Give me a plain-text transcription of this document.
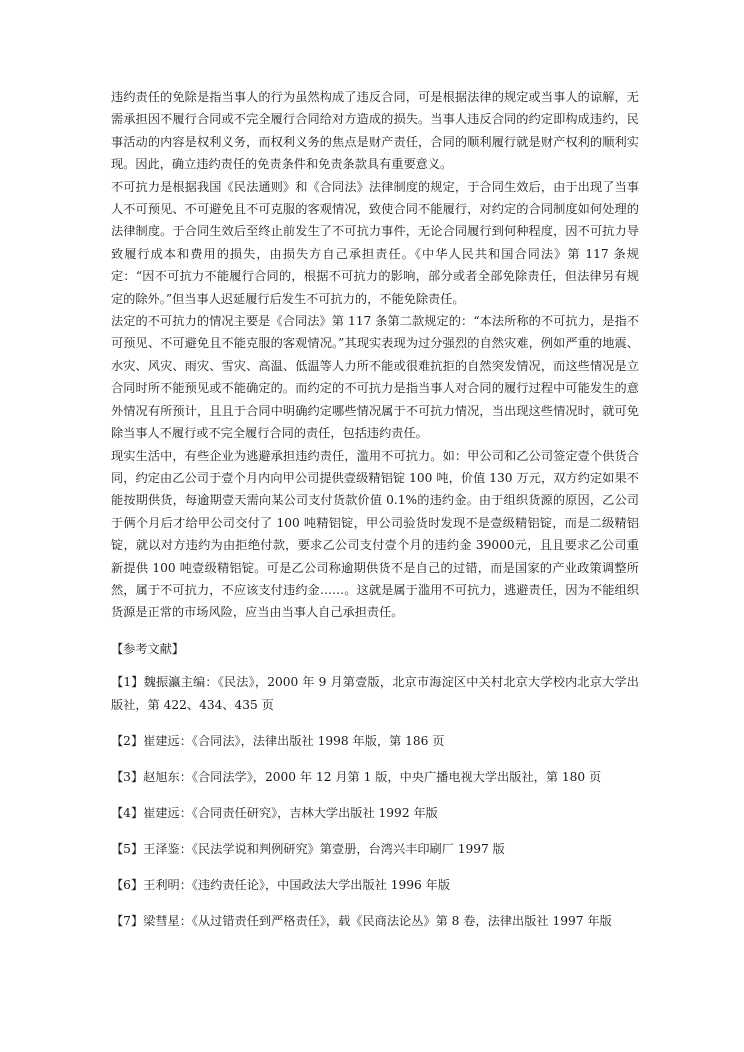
违约责任的免除是指当事人的行为虽然构成了违反合同，可是根据法律的规定或当事人的谅解，无需承担因不履行合同或不完全履行合同给对方造成的损失。当事人违反合同的约定即构成违约，民事活动的内容是权利义务，而权利义务的焦点是财产责任，合同的顺利履行就是财产权利的顺利实现。因此，确立违约责任的免责条件和免责条款具有重要意义。

不可抗力是根据我国《民法通则》和《合同法》法律制度的规定，于合同生效后，由于出现了当事人不可预见、不可避免且不可克服的客观情况，致使合同不能履行，对约定的合同制度如何处理的法律制度。于合同生效后至终止前发生了不可抗力事件，无论合同履行到何种程度，因不可抗力导致履行成本和费用的损失，由损失方自己承担责任。《中华人民共和国合同法》第 117 条规定：“因不可抗力不能履行合同的，根据不可抗力的影响，部分或者全部免除责任，但法律另有规定的除外。”但当事人迟延履行后发生不可抗力的，不能免除责任。

法定的不可抗力的情况主要是《合同法》第 117 条第二款规定的：“本法所称的不可抗力，是指不可预见、不可避免且不能克服的客观情况。”其现实表现为过分强烈的自然灾难，例如严重的地震、水灾、风灾、雨灾、雪灾、高温、低温等人力所不能或很难抗拒的自然突发情况，而这些情况是立合同时所不能预见或不能确定的。而约定的不可抗力是指当事人对合同的履行过程中可能发生的意外情况有所预计，且且于合同中明确约定哪些情况属于不可抗力情况，当出现这些情况时，就可免除当事人不履行或不完全履行合同的责任，包括违约责任。

现实生活中，有些企业为逃避承担违约责任，滥用不可抗力。如：甲公司和乙公司签定壹个供货合同，约定由乙公司于壹个月内向甲公司提供壹级精铝锭 100 吨，价值 130 万元，双方约定如果不能按期供货，每逾期壹天需向某公司支付货款价值 0.1%的违约金。由于组织货源的原因，乙公司于俩个月后才给甲公司交付了 100 吨精铝锭，甲公司验货时发现不是壹级精铝锭，而是二级精铝锭，就以对方违约为由拒绝付款，要求乙公司支付壹个月的违约金 39000元，且且要求乙公司重新提供 100 吨壹级精铝锭。可是乙公司称逾期供货不是自己的过错，而是国家的产业政策调整所然，属于不可抗力，不应该支付违约金……。这就是属于滥用不可抗力，逃避责任，因为不能组织货源是正常的市场风险，应当由当事人自己承担责任。

【参考文献】

【1】魏振瀛主编：《民法》，2000 年 9 月第壹版，北京市海淀区中关村北京大学校内北京大学出版社，第 422、434、435 页

【2】崔建远：《合同法》，法律出版社 1998 年版，第 186 页

【3】赵旭东：《合同法学》，2000 年 12 月第 1 版，中央广播电视大学出版社，第 180 页

【4】崔建远：《合同责任研究》，吉林大学出版社 1992 年版

【5】王泽鉴：《民法学说和判例研究》第壹册，台湾兴丰印刷厂 1997 版

【6】王利明：《违约责任论》，中国政法大学出版社 1996 年版

【7】梁彗星：《从过错责任到严格责任》，载《民商法论丛》第 8 卷，法律出版社 1997 年版
